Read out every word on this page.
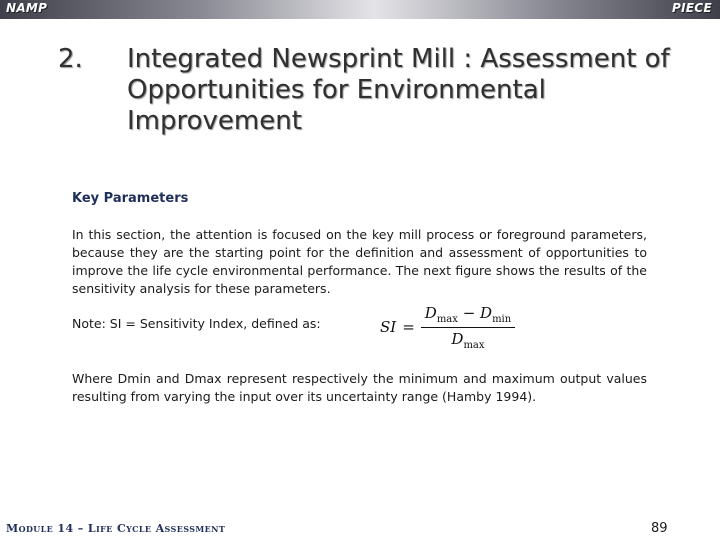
NAMP	PIECE
2. Integrated Newsprint Mill : Assessment of Opportunities for Environmental Improvement
Key Parameters
In this section, the attention is focused on the key mill process or foreground parameters, because they are the starting point for the definition and assessment of opportunities to improve the life cycle environmental performance. The next figure shows the results of the sensitivity analysis for these parameters.
Note: SI = Sensitivity Index, defined as:	SI = $\frac{D_{max} - D_{min}}{D_{max}}$
Where Dmin and Dmax represent respectively the minimum and maximum output values resulting from varying the input over its uncertainty range (Hamby 1994).
Module 14 – Life Cycle Assessment	89
